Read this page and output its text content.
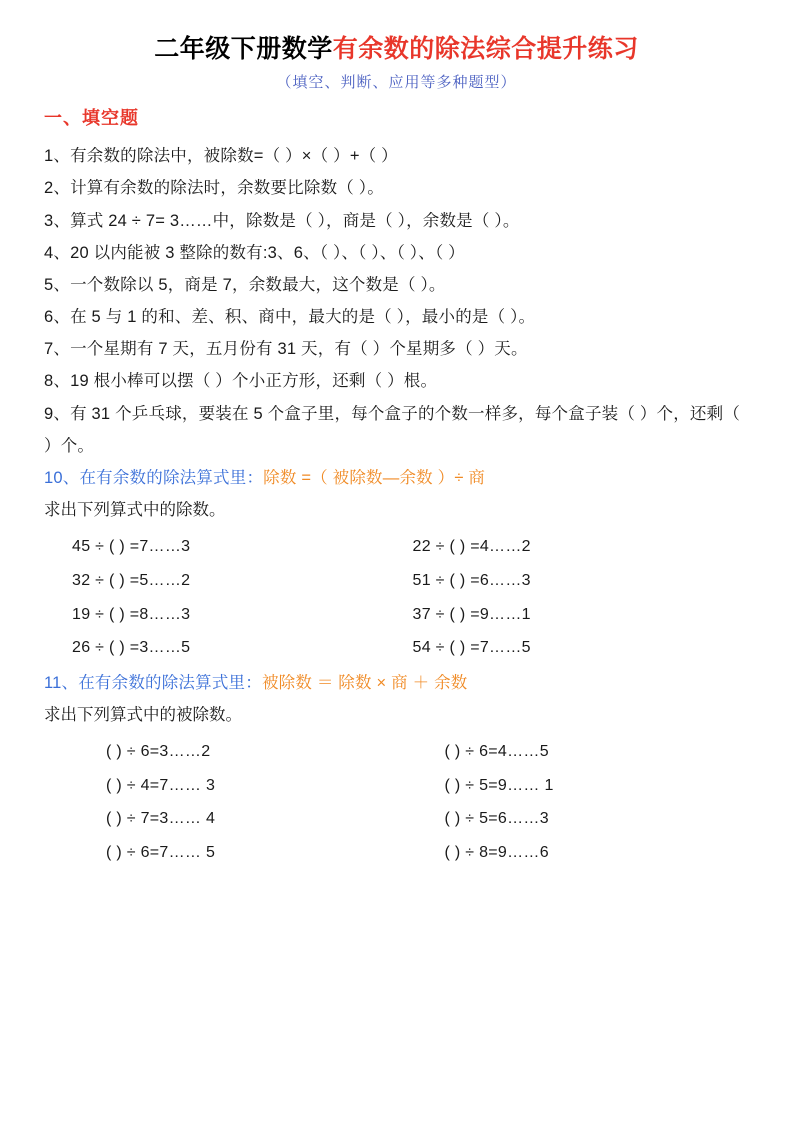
二年级下册数学有余数的除法综合提升练习
（填空、判断、应用等多种题型）
一、填空题
1、有余数的除法中，被除数=（ ）×（ ）+（ ）
2、计算有余数的除法时，余数要比除数（ ）。
3、算式 24 ÷ 7= 3……中，除数是（ ），商是（ ），余数是（ ）。
4、20 以内能被 3 整除的数有:3、6、（ ）、（ ）、（ ）、（ ）
5、一个数除以 5，商是 7，余数最大，这个数是（ ）。
6、在 5 与 1 的和、差、积、商中，最大的是（ ），最小的是（ ）。
7、一个星期有 7 天，五月份有 31 天，有（ ）个星期多（ ）天。
8、19 根小棒可以摆（ ）个小正方形，还剩（ ）根。
9、有 31 个乒乓球，要装在 5 个盒子里，每个盒子的个数一样多，每个盒子装（ ）个，还剩（ ）个。
10、在有余数的除法算式里：除数 =（ 被除数—余数 ）÷ 商
求出下列算式中的除数。
45 ÷ ( ) =7……3	22 ÷ ( ) =4……2
32 ÷ ( ) =5……2	51 ÷ ( ) =6……3
19 ÷ ( ) =8……3	37 ÷ ( ) =9……1
26 ÷ ( ) =3……5	54 ÷ ( ) =7……5
11、在有余数的除法算式里：被除数 ＝ 除数 × 商 ＋ 余数
求出下列算式中的被除数。
( ) ÷ 6=3……2	( ) ÷ 6=4……5
( ) ÷ 4=7…… 3	( ) ÷ 5=9…… 1
( ) ÷ 7=3…… 4	( ) ÷ 5=6……3
( ) ÷ 6=7…… 5	( ) ÷ 8=9……6
